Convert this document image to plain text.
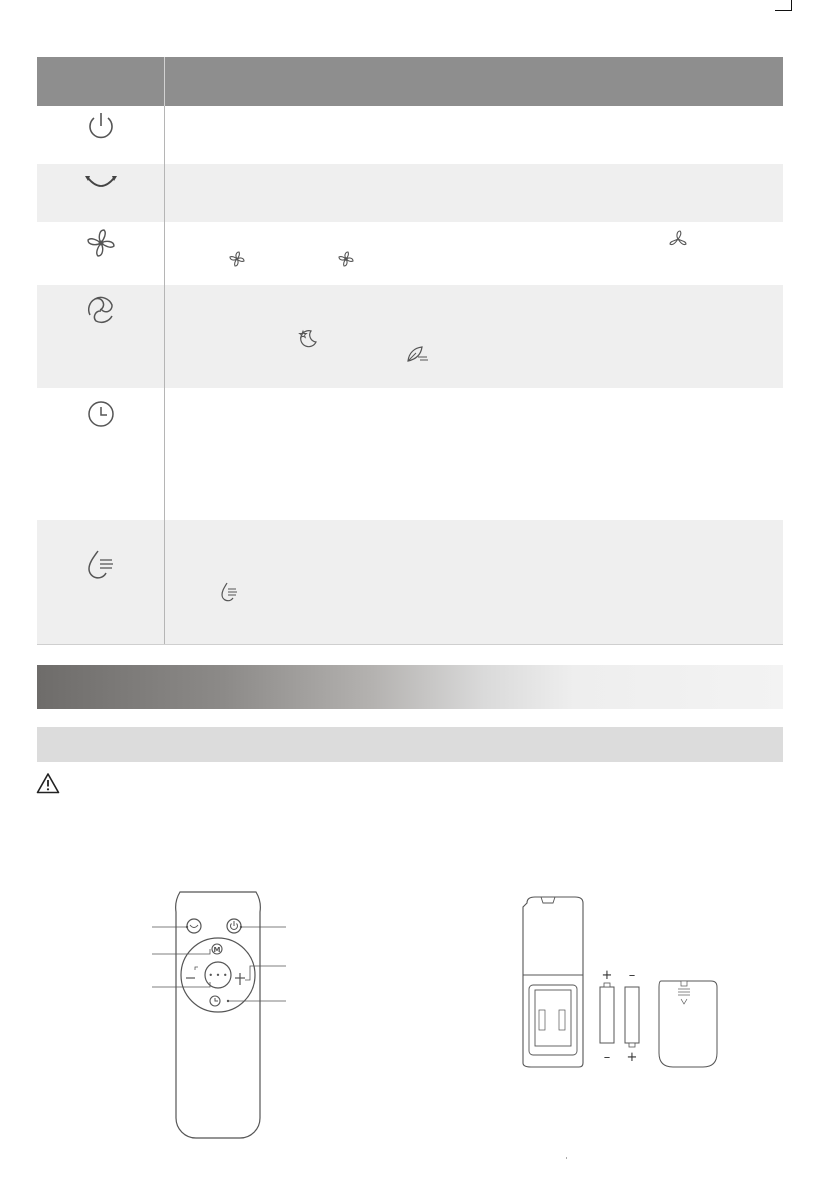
• • •
M
+ –
– +
